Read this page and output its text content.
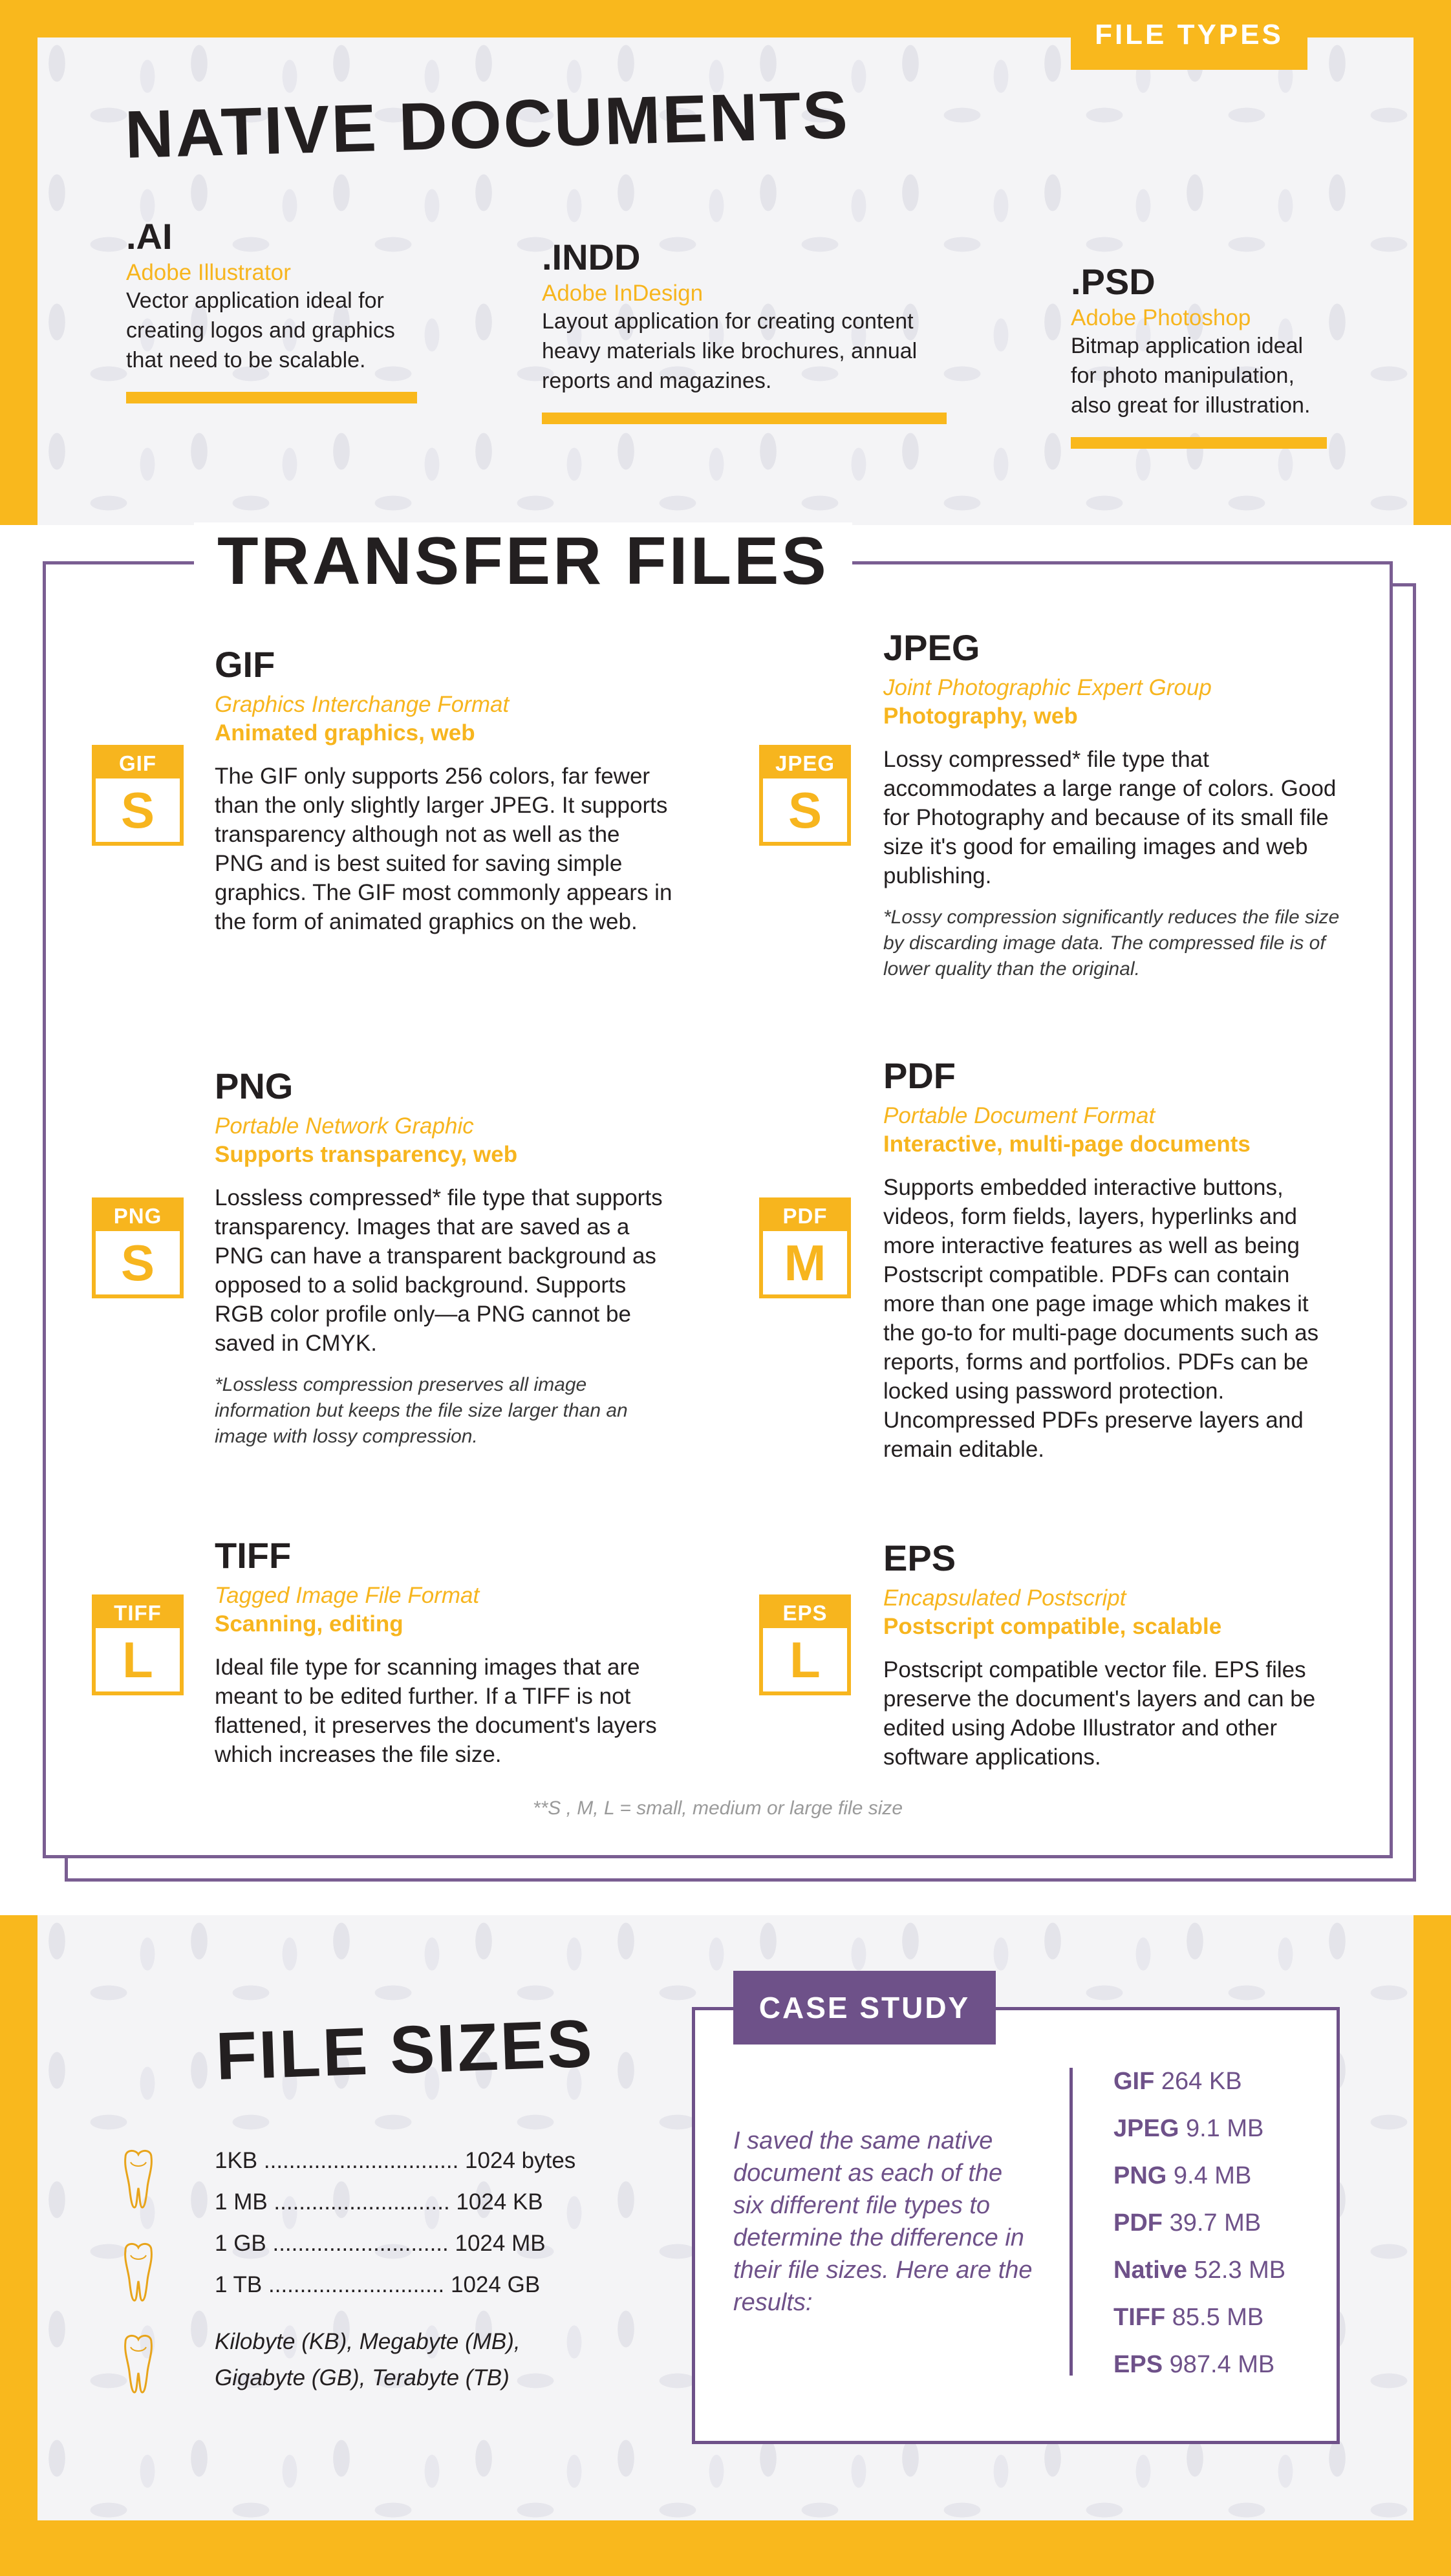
FILE TYPES
NATIVE DOCUMENTS
.AI
Adobe Illustrator
Vector application ideal for creating logos and graphics that need to be scalable.
.INDD
Adobe InDesign
Layout application for creating content heavy materials like brochures, annual reports and magazines.
.PSD
Adobe Photoshop
Bitmap application ideal for photo manipulation, also great for illustration.
TRANSFER FILES
GIF
S
GIF
Graphics Interchange Format
Animated graphics, web
The GIF only supports 256 colors, far fewer than the only slightly larger JPEG. It supports transparency although not as well as the PNG and is best suited for saving simple graphics. The GIF most commonly appears in the form of animated graphics on the web.
JPEG
S
JPEG
Joint Photographic Expert Group
Photography, web
Lossy compressed* file type that accommodates a large range of colors. Good for Photography and because of its small file size it's good for emailing images and web publishing.
*Lossy compression significantly reduces the file size by discarding image data. The compressed file is of lower quality than the original.
PNG
S
PNG
Portable Network Graphic
Supports transparency, web
Lossless compressed* file type that supports transparency. Images that are saved as a PNG can have a transparent background as opposed to a solid background. Supports RGB color profile only—a PNG cannot be saved in CMYK.
*Lossless compression preserves all image information but keeps the file size larger than an image with lossy compression.
PDF
M
PDF
Portable Document Format
Interactive, multi-page documents
Supports embedded interactive buttons, videos, form fields, layers, hyperlinks and more interactive features as well as being Postscript compatible. PDFs can contain more than one page image which makes it the go-to for multi-page documents such as reports, forms and portfolios. PDFs can be locked using password protection. Uncompressed PDFs preserve layers and remain editable.
TIFF
L
TIFF
Tagged Image File Format
Scanning, editing
Ideal file type for scanning images that are meant to be edited further. If a TIFF is not flattened, it preserves the document's layers which increases the file size.
EPS
L
EPS
Encapsulated Postscript
Postscript compatible, scalable
Postscript compatible vector file. EPS files preserve the document's layers and can be edited using Adobe Illustrator and other software applications.
**S , M, L = small, medium or large file size
FILE SIZES
1KB ............................... 1024 bytes
1 MB ............................ 1024 KB
1 GB ............................ 1024 MB
1 TB ............................ 1024 GB
Kilobyte (KB), Megabyte (MB),
Gigabyte (GB), Terabyte (TB)
CASE STUDY
I saved the same native document as each of the six different file types to determine the difference in their file sizes. Here are the results:
GIF 264 KB
JPEG 9.1 MB
PNG 9.4 MB
PDF 39.7 MB
Native 52.3 MB
TIFF 85.5 MB
EPS 987.4 MB
